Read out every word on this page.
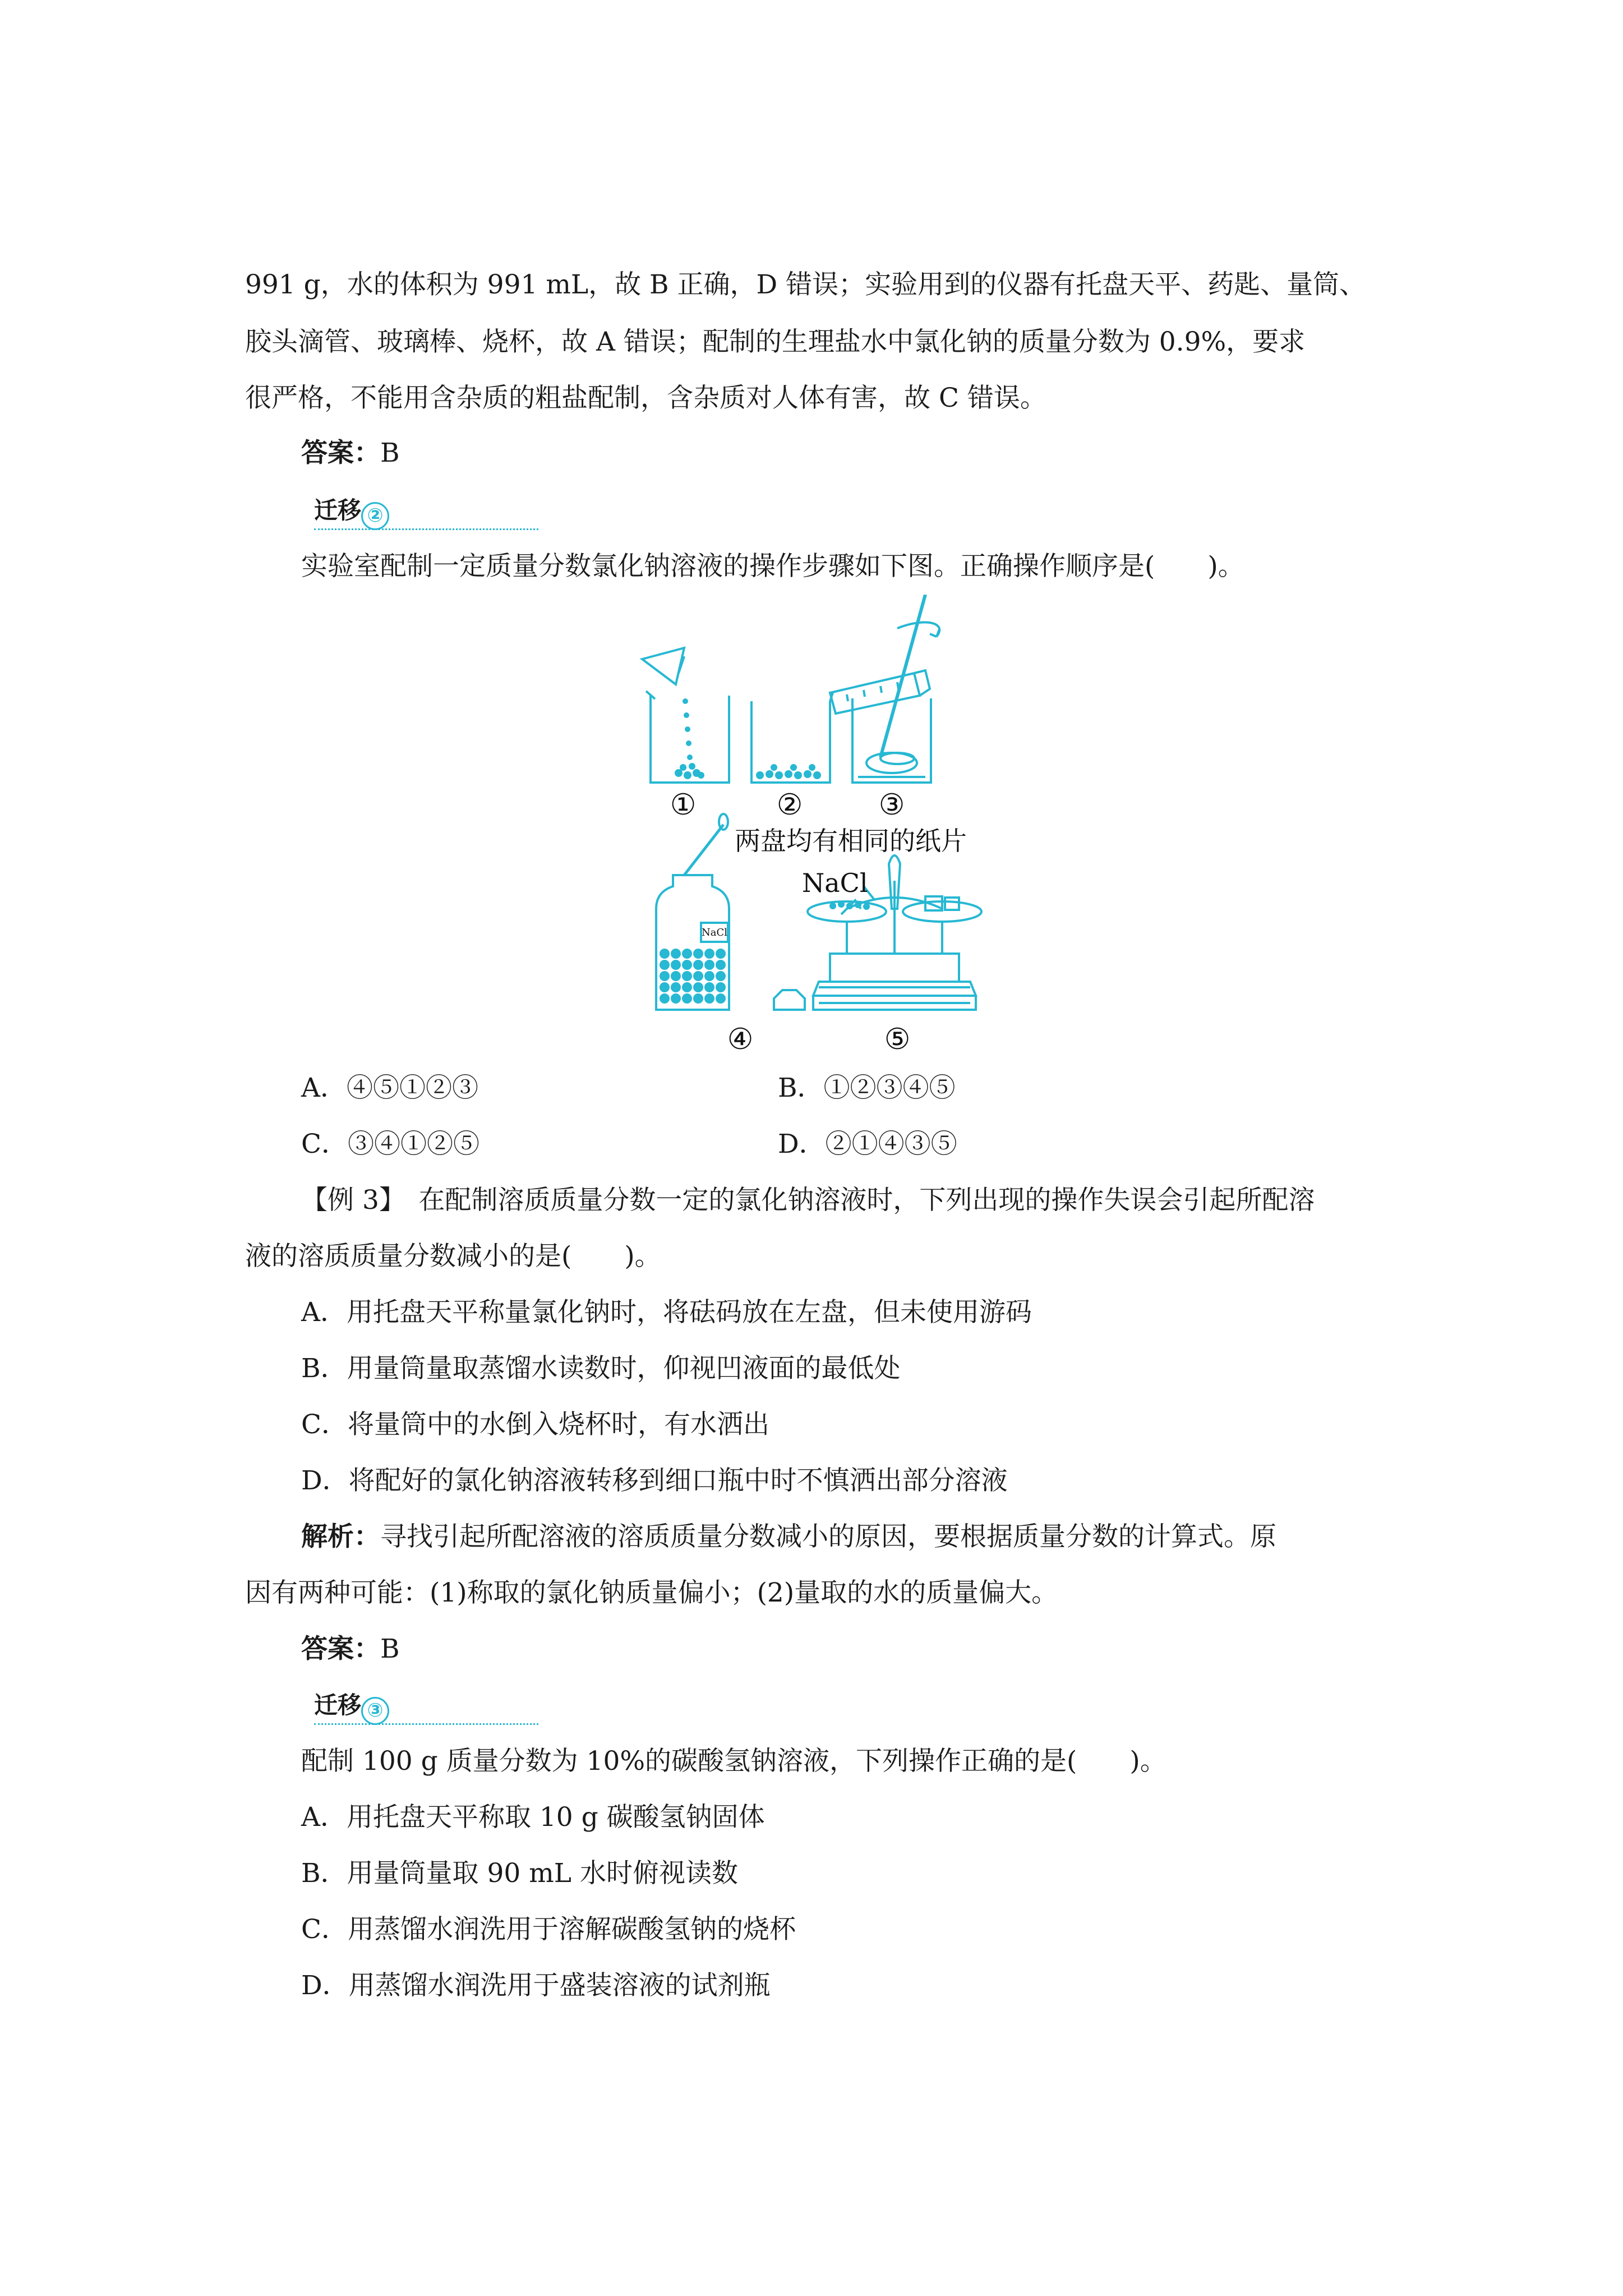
991 g，水的体积为 991 mL，故 B 正确，D 错误；实验用到的仪器有托盘天平、药匙、量筒、
胶头滴管、玻璃棒、烧杯，故 A 错误；配制的生理盐水中氯化钠的质量分数为 0.9%，要求
很严格，不能用含杂质的粗盐配制，含杂质对人体有害，故 C 错误。
答案：B
迁移 ②
实验室配制一定质量分数氯化钠溶液的操作步骤如下图。正确操作顺序是(　　)。
①	②	③
两盘均有相同的纸片
NaCl
NaCl
④	⑤
A．④⑤①②③	B．①②③④⑤
C．③④①②⑤	D．②①④③⑤
【例 3】　 在配制溶质质量分数一定的氯化钠溶液时，下列出现的操作失误会引起所配溶
液的溶质质量分数减小的是(　　)。
A．用托盘天平称量氯化钠时，将砝码放在左盘，但未使用游码
B．用量筒量取蒸馏水读数时，仰视凹液面的最低处
C．将量筒中的水倒入烧杯时，有水洒出
D．将配好的氯化钠溶液转移到细口瓶中时不慎洒出部分溶液
解析：寻找引起所配溶液的溶质质量分数减小的原因，要根据质量分数的计算式。原
因有两种可能：(1)称取的氯化钠质量偏小；(2)量取的水的质量偏大。
答案：B
迁移 ③
配制 100 g 质量分数为 10%的碳酸氢钠溶液，下列操作正确的是(　　)。
A．用托盘天平称取 10 g 碳酸氢钠固体
B．用量筒量取 90 mL 水时俯视读数
C．用蒸馏水润洗用于溶解碳酸氢钠的烧杯
D．用蒸馏水润洗用于盛装溶液的试剂瓶
